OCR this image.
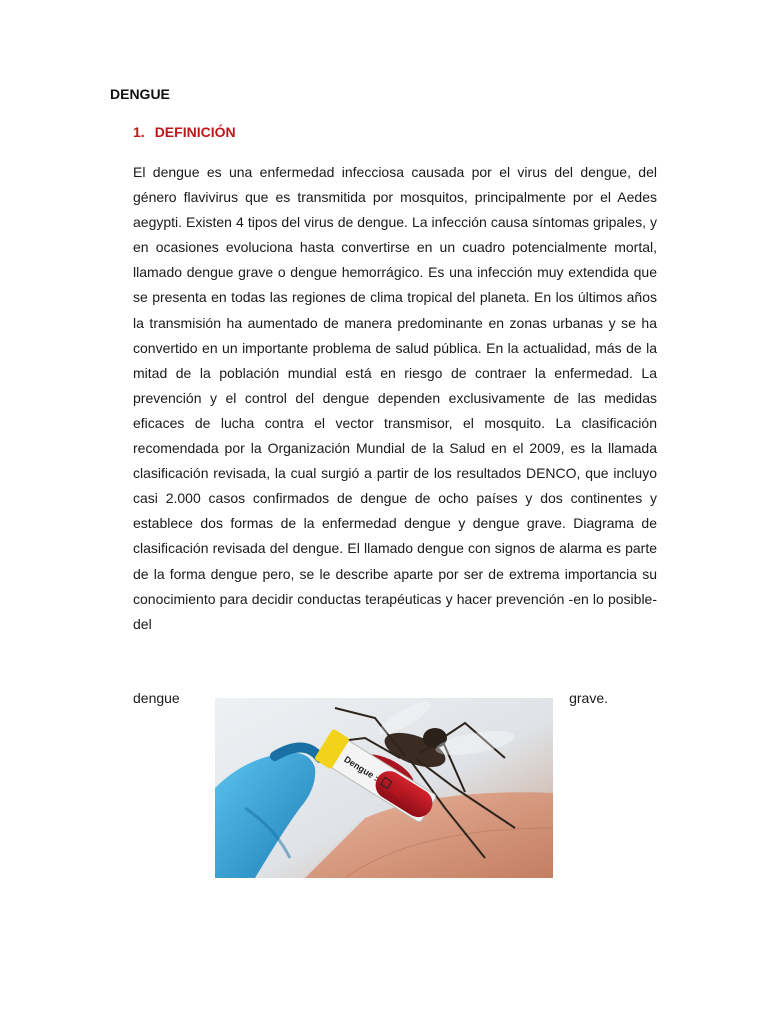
DENGUE
1. DEFINICIÓN

El dengue es una enfermedad infecciosa causada por el virus del dengue, del género flavivirus que es transmitida por mosquitos, principalmente por el Aedes aegypti. Existen 4 tipos del virus de dengue. La infección causa síntomas gripales, y en ocasiones evoluciona hasta convertirse en un cuadro potencialmente mortal, llamado dengue grave o dengue hemorrágico. Es una infección muy extendida que se presenta en todas las regiones de clima tropical del planeta. En los últimos años la transmisión ha aumentado de manera predominante en zonas urbanas y se ha convertido en un importante problema de salud pública. En la actualidad, más de la mitad de la población mundial está en riesgo de contraer la enfermedad. La prevención y el control del dengue dependen exclusivamente de las medidas eficaces de lucha contra el vector transmisor, el mosquito. La clasificación recomendada por la Organización Mundial de la Salud en el 2009, es la llamada clasificación revisada, la cual surgió a partir de los resultados DENCO, que incluyo casi 2.000 casos confirmados de dengue de ocho países y dos continentes y establece dos formas de la enfermedad dengue y dengue grave. Diagrama de clasificación revisada del dengue. El llamado dengue con signos de alarma es parte de la forma dengue pero, se le describe aparte por ser de extrema importancia su conocimiento para decidir conductas terapéuticas y hacer prevención -en lo posible- del

dengue	grave.
Dengue :
